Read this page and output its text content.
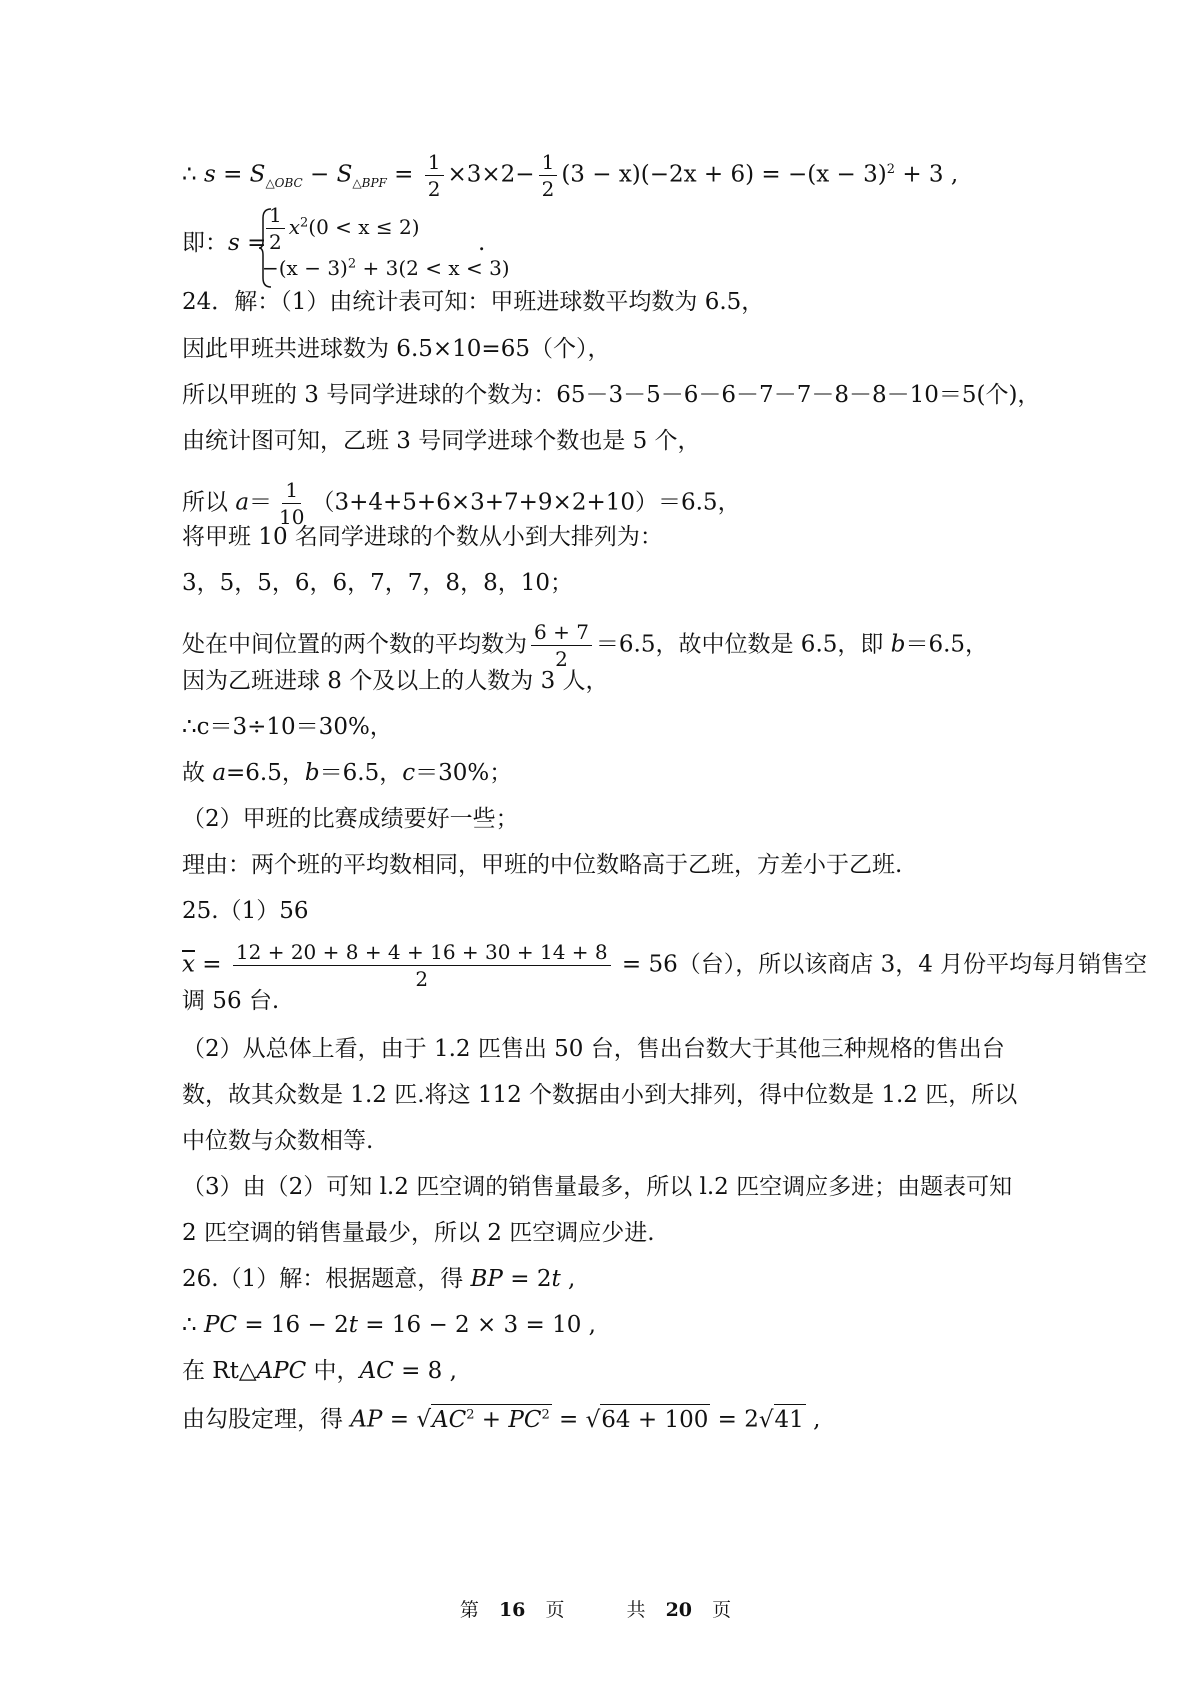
∴ $s = S_{\triangle OBC} - S_{\triangle BPF} = \frac{1}{2} \times 3\times 2- \frac{1}{2} (3 - x)(-2x + 6) = -(x - 3)^2 + 3$ ,
即：$s = \frac{1}{2} x^2(0 < x \le 2)$
$-(x - 3)^2 + 3(2 < x < 3)$
.
24．解：（1）由统计表可知：甲班进球数平均数为 6.5，
因此甲班共进球数为 6.5×10=65（个），
所以甲班的 3 号同学进球的个数为：65－3－5－6－6－7－7－8－8－10＝5(个)，
由统计图可知，乙班 3 号同学进球个数也是 5 个，
所以 $a= \frac{1}{10} (3+4+5+6\times 3+7+9\times 2+10)=6.5$，
将甲班 10 名同学进球的个数从小到大排列为：
3，5，5，6，6，7，7，8，8，10；
处在中间位置的两个数的平均数为 $\frac{6 + 7}{2} =6.5$，故中位数是 6.5，即 b＝6.5，
因为乙班进球 8 个及以上的人数为 3 人，
∴c＝3÷10＝30%，
故 a=6.5，b＝6.5，c＝30%；
（2）甲班的比赛成绩要好一些；
理由：两个班的平均数相同，甲班的中位数略高于乙班，方差小于乙班.
25.（1）56
$\overline{x} = \frac{12 + 20 + 8 + 4 + 16 + 30 + 14 + 8}{2} = 56$（台），所以该商店 3，4 月份平均每月销售空
调 56 台.
（2）从总体上看，由于 1.2 匹售出 50 台，售出台数大于其他三种规格的售出台
数，故其众数是 1.2 匹.将这 112 个数据由小到大排列，得中位数是 1.2 匹，所以
中位数与众数相等.
（3）由（2）可知 l.2 匹空调的销售量最多，所以 l.2 匹空调应多进；由题表可知
2 匹空调的销售量最少，所以 2 匹空调应少进.
26.（1）解：根据题意，得 BP = 2t ,
∴ PC = 16 − 2t = 16 − 2 × 3 = 10 ,
在 Rt△APC 中，AC = 8 ,
由勾股定理，得 AP = $√AC^2 + PC^2 = √64 + 100 = 2√41$ ,
第 16 页	共 20 页
